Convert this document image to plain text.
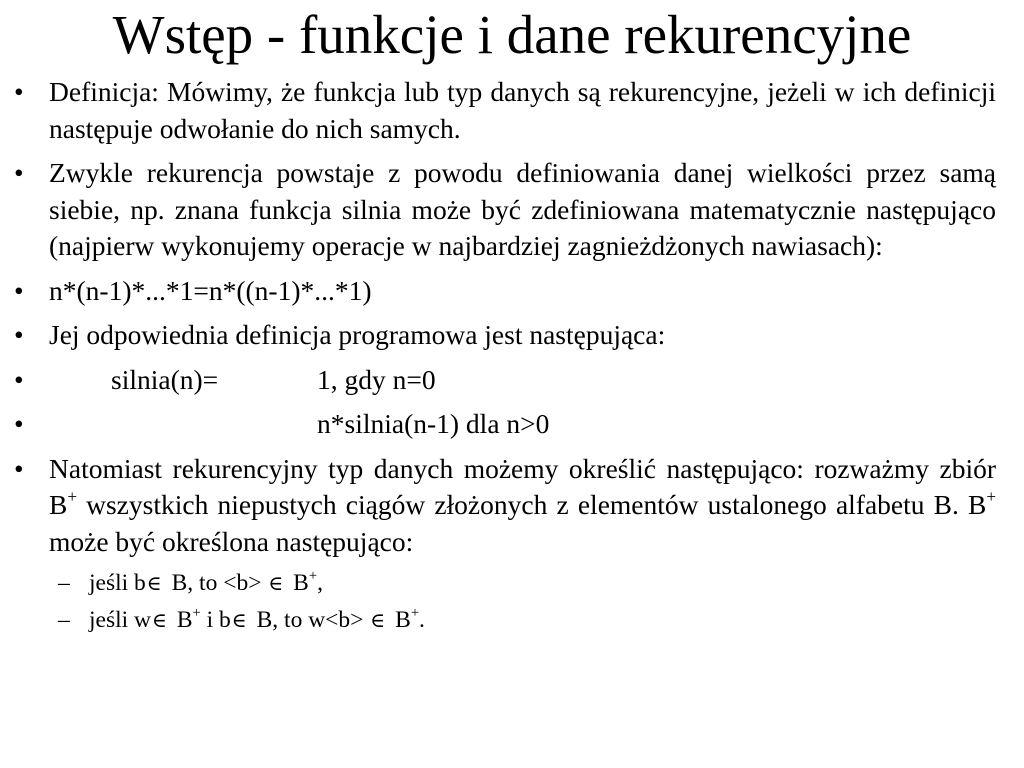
Wstęp - funkcje i dane rekurencyjne
• Definicja: Mówimy, że funkcja lub typ danych są rekurencyjne, jeżeli w ich definicji następuje odwołanie do nich samych.
• Zwykle rekurencja powstaje z powodu definiowania danej wielkości przez samą siebie, np. znana funkcja silnia może być zdefiniowana matematycznie następująco (najpierw wykonujemy operacje w najbardziej zagnieżdżonych nawiasach):
• n*(n-1)*...*1=n*((n-1)*...*1)
• Jej odpowiednia definicja programowa jest następująca:
•	silnia(n)=	1, gdy n=0
•	n*silnia(n-1) dla n>0
• Natomiast rekurencyjny typ danych możemy określić następująco: rozważmy zbiór B+ wszystkich niepustych ciągów złożonych z elementów ustalonego alfabetu B. B+ może być określona następująco:
– jeśli b∈ B, to <b> ∈ B+,
– jeśli w∈ B+ i b∈ B, to w<b> ∈ B+.
